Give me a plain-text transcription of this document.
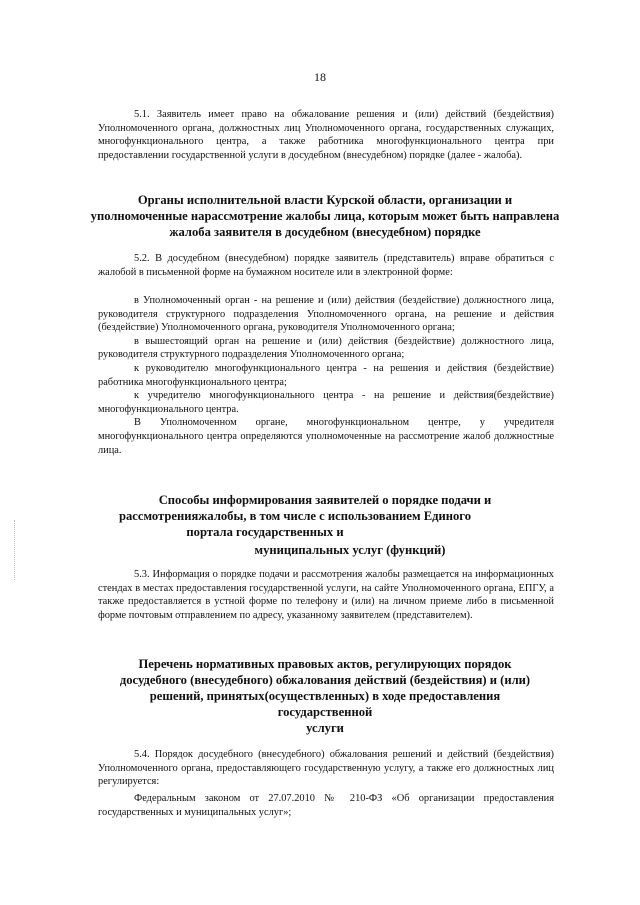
18

5.1. Заявитель имеет право на обжалование решения и (или) действий (бездействия) Уполномоченного органа, должностных лиц Уполномоченного органа, государственных служащих, многофункционального центра, а также работника многофункционального центра при предоставлении государственной услуги в досудебном (внесудебном) порядке (далее - жалоба).

Органы исполнительной власти Курской области, организации и уполномоченные нарассмотрение жалобы лица, которым может быть направлена жалоба заявителя в досудебном (внесудебном) порядке

5.2. В досудебном (внесудебном) порядке заявитель (представитель) вправе обратиться с жалобой в письменной форме на бумажном носителе или в электронной форме:

в Уполномоченный орган - на решение и (или) действия (бездействие) должностного лица, руководителя структурного подразделения Уполномоченного органа, на решение и действия (бездействие) Уполномоченного органа, руководителя Уполномоченного органа;

в вышестоящий орган на решение и (или) действия (бездействие) должностного лица, руководителя структурного подразделения Уполномоченного органа;

к руководителю многофункционального центра - на решения и действия (бездействие) работника многофункционального центра;

к учредителю многофункционального центра - на решение и действия(бездействие) многофункционального центра.

В Уполномоченном органе, многофункциональном центре, у учредителя многофункционального центра определяются уполномоченные на рассмотрение жалоб должностные лица.

Способы информирования заявителей о порядке подачи и

рассмотренияжалобы, в том числе с использованием Единого

портала государственных и

муниципальных услуг (функций)

5.3. Информация о порядке подачи и рассмотрения жалобы размещается на информационных стендах в местах предоставления государственной услуги, на сайте Уполномоченного органа, ЕПГУ, а также предоставляется в устной форме по телефону и (или) на личном приеме либо в письменной форме почтовым отправлением по адресу, указанному заявителем (представителем).

Перечень нормативных правовых актов, регулирующих порядок

досудебного (внесудебного) обжалования действий (бездействия) и (или)

решений, принятых(осуществленных) в ходе предоставления

государственной

услуги

5.4. Порядок досудебного (внесудебного) обжалования решений и действий (бездействия) Уполномоченного органа, предоставляющего государственную услугу, а также его должностных лиц регулируется:

Федеральным законом от 27.07.2010 № 210-ФЗ «Об организации предоставления государственных и муниципальных услуг»;
